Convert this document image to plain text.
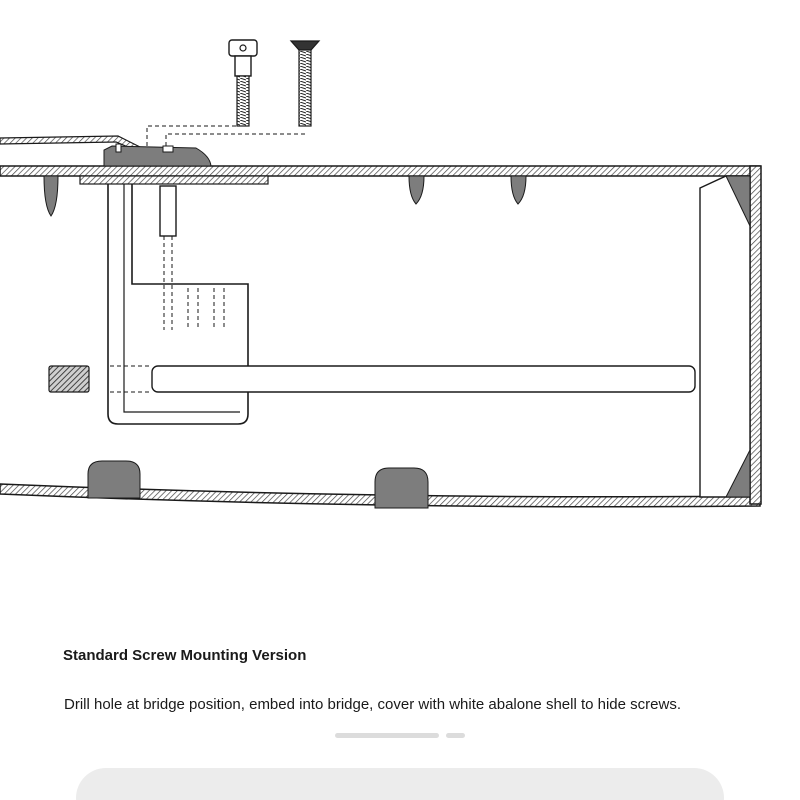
Standard Screw Mounting Version
Drill hole at bridge position, embed into bridge, cover with white abalone shell to hide screws.
